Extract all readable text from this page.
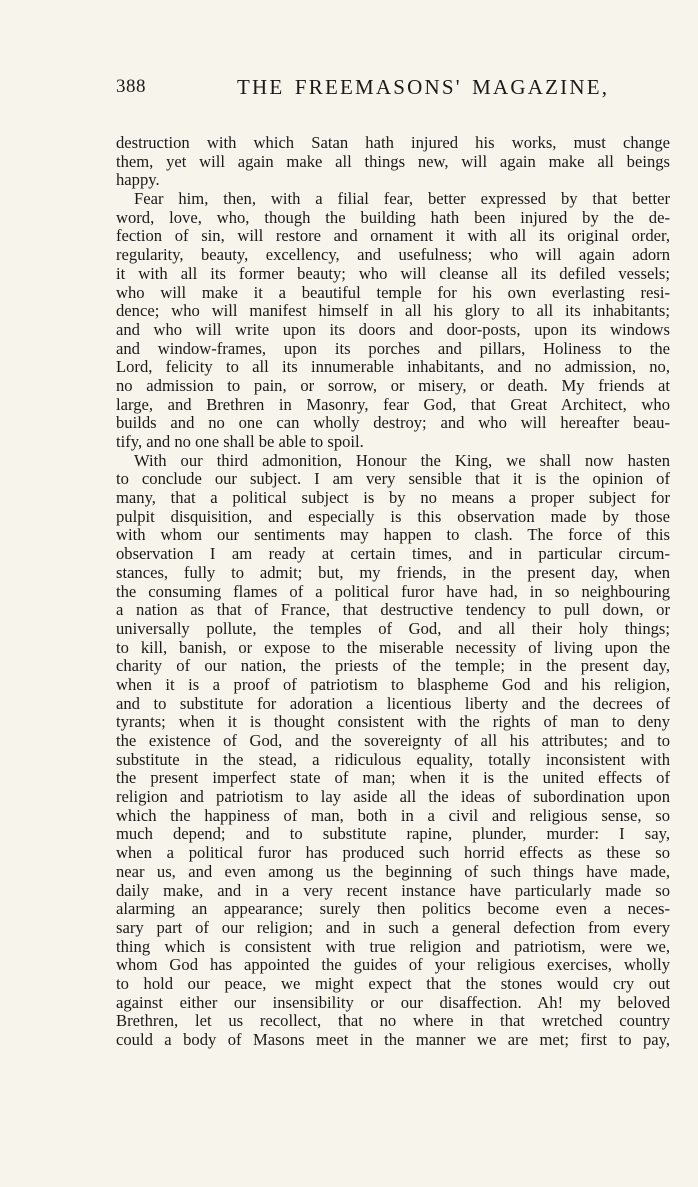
388	THE FREEMASONS' MAGAZINE,
destruction with which Satan hath injured his works, must change
them, yet will again make all things new, will again make all beings
happy.
Fear him, then, with a filial fear, better expressed by that better
word, love, who, though the building hath been injured by the de-
fection of sin, will restore and ornament it with all its original order,
regularity, beauty, excellency, and usefulness; who will again adorn
it with all its former beauty; who will cleanse all its defiled vessels;
who will make it a beautiful temple for his own everlasting resi-
dence; who will manifest himself in all his glory to all its inhabitants;
and who will write upon its doors and door-posts, upon its windows
and window-frames, upon its porches and pillars, Holiness to the
Lord, felicity to all its innumerable inhabitants, and no admission, no,
no admission to pain, or sorrow, or misery, or death. My friends at
large, and Brethren in Masonry, fear God, that Great Architect, who
builds and no one can wholly destroy; and who will hereafter beau-
tify, and no one shall be able to spoil.
With our third admonition, Honour the King, we shall now hasten
to conclude our subject. I am very sensible that it is the opinion of
many, that a political subject is by no means a proper subject for
pulpit disquisition, and especially is this observation made by those
with whom our sentiments may happen to clash. The force of this
observation I am ready at certain times, and in particular circum-
stances, fully to admit; but, my friends, in the present day, when
the consuming flames of a political furor have had, in so neighbouring
a nation as that of France, that destructive tendency to pull down, or
universally pollute, the temples of God, and all their holy things;
to kill, banish, or expose to the miserable necessity of living upon the
charity of our nation, the priests of the temple; in the present day,
when it is a proof of patriotism to blaspheme God and his religion,
and to substitute for adoration a licentious liberty and the decrees of
tyrants; when it is thought consistent with the rights of man to deny
the existence of God, and the sovereignty of all his attributes; and to
substitute in the stead, a ridiculous equality, totally inconsistent with
the present imperfect state of man; when it is the united effects of
religion and patriotism to lay aside all the ideas of subordination upon
which the happiness of man, both in a civil and religious sense, so
much depend; and to substitute rapine, plunder, murder: I say,
when a political furor has produced such horrid effects as these so
near us, and even among us the beginning of such things have made,
daily make, and in a very recent instance have particularly made so
alarming an appearance; surely then politics become even a neces-
sary part of our religion; and in such a general defection from every
thing which is consistent with true religion and patriotism, were we,
whom God has appointed the guides of your religious exercises, wholly
to hold our peace, we might expect that the stones would cry out
against either our insensibility or our disaffection. Ah! my beloved
Brethren, let us recollect, that no where in that wretched country
could a body of Masons meet in the manner we are met; first to pay,
